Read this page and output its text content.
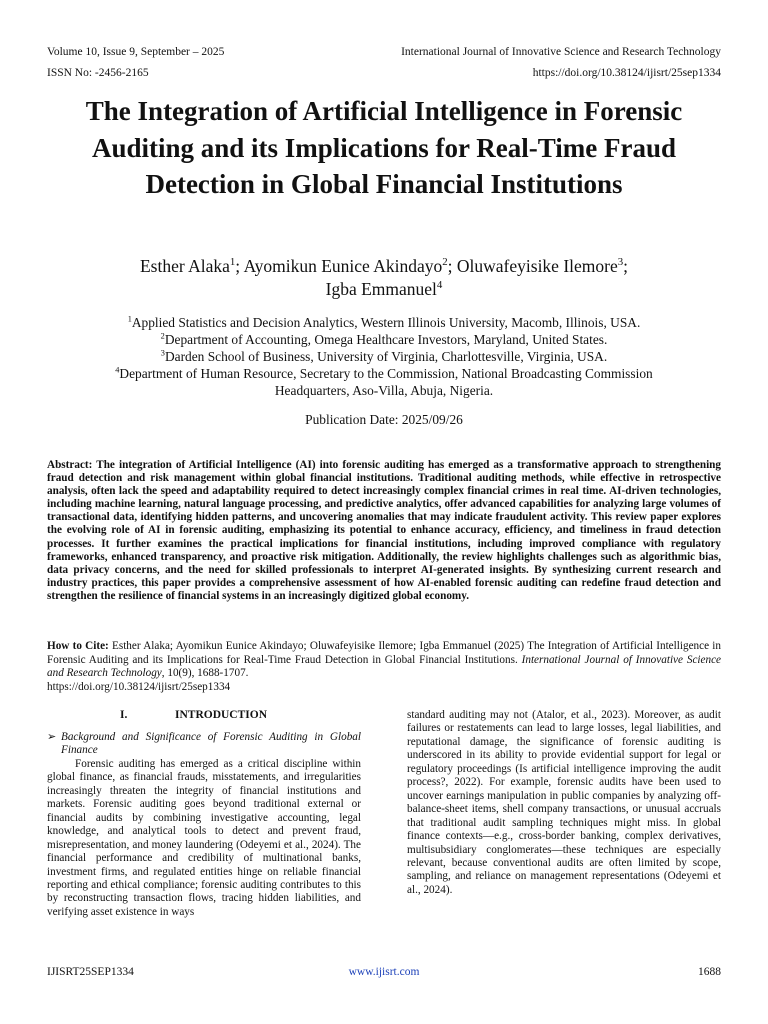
Volume 10, Issue 9, September – 2025
ISSN No: -2456-2165
International Journal of Innovative Science and Research Technology
https://doi.org/10.38124/ijisrt/25sep1334
The Integration of Artificial Intelligence in Forensic Auditing and its Implications for Real-Time Fraud Detection in Global Financial Institutions
Esther Alaka$^1$; Ayomikun Eunice Akindayo$^2$; Oluwafeyisike Ilemore$^3$;
Igba Emmanuel$^4$
$^1$Applied Statistics and Decision Analytics, Western Illinois University, Macomb, Illinois, USA.
$^2$Department of Accounting, Omega Healthcare Investors, Maryland, United States.
$^3$Darden School of Business, University of Virginia, Charlottesville, Virginia, USA.
$^4$Department of Human Resource, Secretary to the Commission, National Broadcasting Commission Headquarters, Aso-Villa, Abuja, Nigeria.
Publication Date: 2025/09/26

Abstract: The integration of Artificial Intelligence (AI) into forensic auditing has emerged as a transformative approach to strengthening fraud detection and risk management within global financial institutions. Traditional auditing methods, while effective in retrospective analysis, often lack the speed and adaptability required to detect increasingly complex financial crimes in real time. AI-driven technologies, including machine learning, natural language processing, and predictive analytics, offer advanced capabilities for analyzing large volumes of transactional data, identifying hidden patterns, and uncovering anomalies that may indicate fraudulent activity. This review paper explores the evolving role of AI in forensic auditing, emphasizing its potential to enhance accuracy, efficiency, and timeliness in fraud detection processes. It further examines the practical implications for financial institutions, including improved compliance with regulatory frameworks, enhanced transparency, and proactive risk mitigation. Additionally, the review highlights challenges such as algorithmic bias, data privacy concerns, and the need for skilled professionals to interpret AI-generated insights. By synthesizing current research and industry practices, this paper provides a comprehensive assessment of how AI-enabled forensic auditing can redefine fraud detection and strengthen the resilience of financial systems in an increasingly digitized global economy.

How to Cite: Esther Alaka; Ayomikun Eunice Akindayo; Oluwafeyisike Ilemore; Igba Emmanuel (2025) The Integration of Artificial Intelligence in Forensic Auditing and its Implications for Real-Time Fraud Detection in Global Financial Institutions. International Journal of Innovative Science and Research Technology, 10(9), 1688-1707.
https://doi.org/10.38124/ijisrt/25sep1334

I.	INTRODUCTION

➢ Background and Significance of Forensic Auditing in Global Finance

Forensic auditing has emerged as a critical discipline within global finance, as financial frauds, misstatements, and irregularities increasingly threaten the integrity of financial institutions and markets. Forensic auditing goes beyond traditional external or financial audits by combining investigative accounting, legal knowledge, and analytical tools to detect and prevent fraud, misrepresentation, and money laundering (Odeyemi et al., 2024). The financial performance and credibility of multinational banks, investment firms, and regulated entities hinge on reliable financial reporting and ethical compliance; forensic auditing contributes to this by reconstructing transaction flows, tracing hidden liabilities, and verifying asset existence in ways

standard auditing may not (Atalor, et al., 2023). Moreover, as audit failures or restatements can lead to large losses, legal liabilities, and reputational damage, the significance of forensic auditing is underscored in its ability to provide evidential support for legal or regulatory proceedings (Is artificial intelligence improving the audit process?, 2022). For example, forensic audits have been used to uncover earnings manipulation in public companies by analyzing off-balance-sheet items, shell company transactions, or unusual accruals that traditional audit sampling techniques might miss. In global finance contexts—e.g., cross-border banking, complex derivatives, multisubsidiary conglomerates—these techniques are especially relevant, because conventional audits are often limited by scope, sampling, and reliance on management representations (Odeyemi et al., 2024).

IJISRT25SEP1334	www.ijisrt.com	1688
